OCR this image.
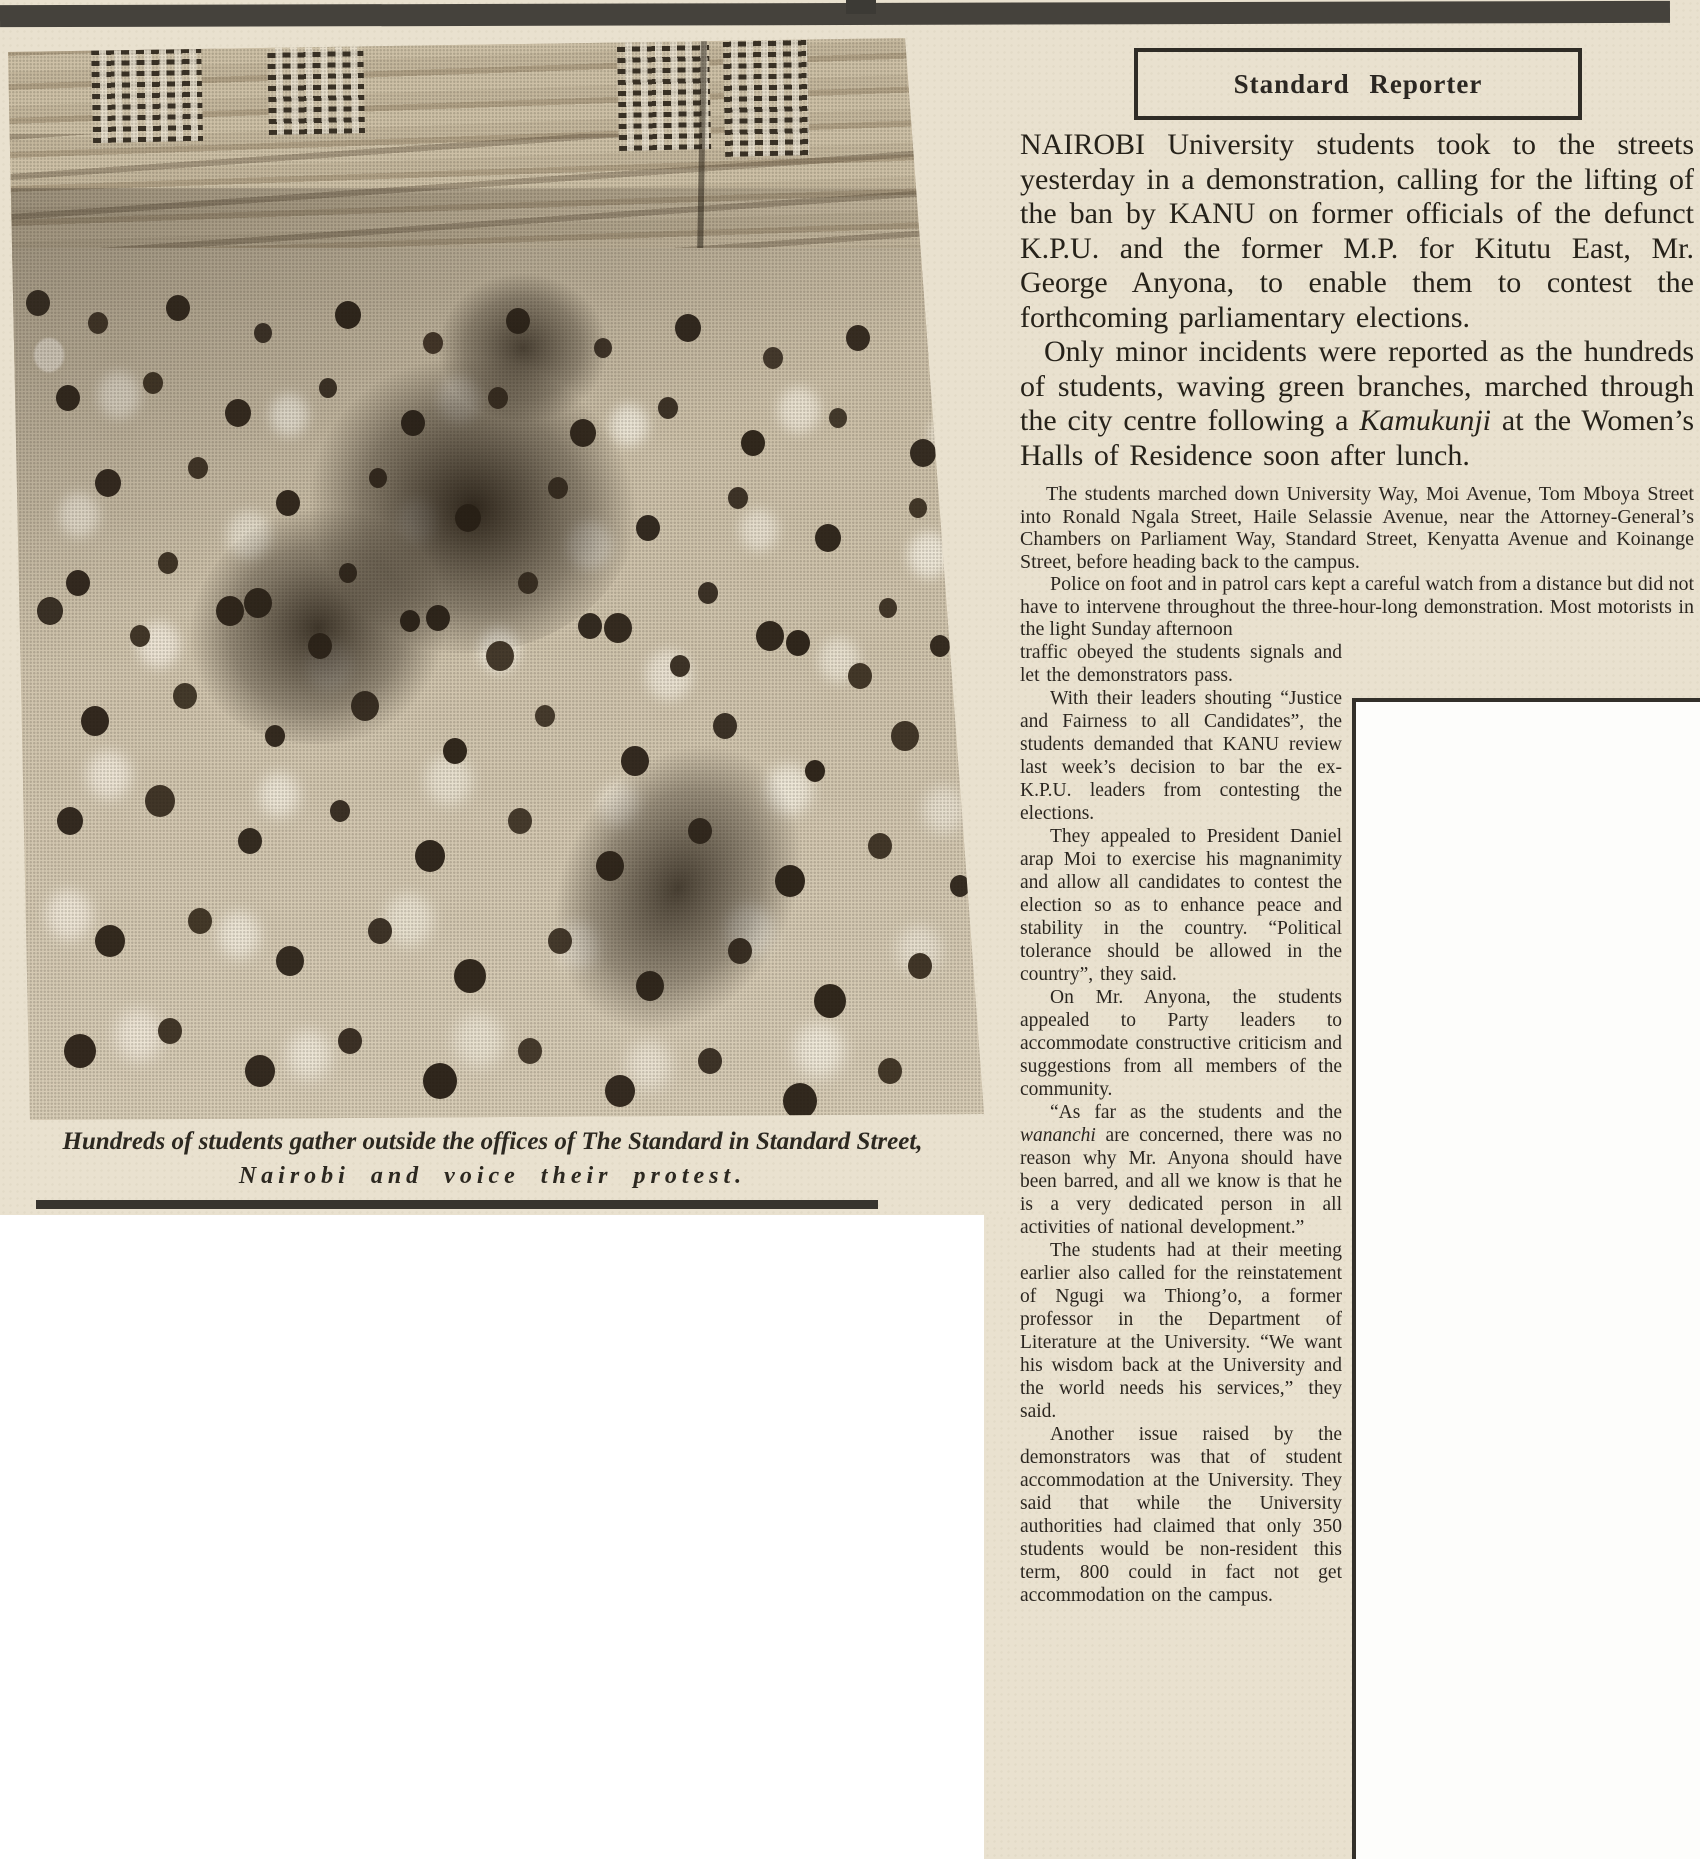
Hundreds of students gather outside the offices of The Standard in Standard Street,
Nairobi and voice their protest.
Standard Reporter

NAIROBI University students took to the streets yesterday in a demonstration, calling for the lifting of the ban by KANU on former officials of the defunct K.P.U. and the former M.P. for Kitutu East, Mr. George Anyona, to enable them to contest the forthcoming parliamentary elections.

Only minor incidents were reported as the hundreds of students, waving green branches, marched through the city centre following a Kamukunji at the Women’s Halls of Residence soon after lunch.

The students marched down University Way, Moi Avenue, Tom Mboya Street into Ronald Ngala Street, Haile Selassie Avenue, near the Attorney-General’s Chambers on Parliament Way, Standard Street, Kenyatta Avenue and Koinange Street, before heading back to the campus.

Police on foot and in patrol cars kept a careful watch from a distance but did not have to intervene throughout the three-hour-long demonstration. Most motorists in the light Sunday afternoon

traffic obeyed the students signals and let the demonstrators pass.

With their leaders shouting “Justice and Fairness to all Candidates”, the students demanded that KANU review last week’s decision to bar the ex-K.P.U. leaders from contesting the elections.

They appealed to President Daniel arap Moi to exercise his magnanimity and allow all candidates to contest the election so as to enhance peace and stability in the country. “Political tolerance should be allowed in the country”, they said.

On Mr. Anyona, the students appealed to Party leaders to accommodate constructive criticism and suggestions from all members of the community.

“As far as the students and the wananchi are concerned, there was no reason why Mr. Anyona should have been barred, and all we know is that he is a very dedicated person in all activities of national development.”

The students had at their meeting earlier also called for the reinstatement of Ngugi wa Thiong’o, a former professor in the Department of Literature at the University. “We want his wisdom back at the University and the world needs his services,” they said.

Another issue raised by the demonstrators was that of student accommodation at the University. They said that while the University authorities had claimed that only 350 students would be non-resident this term, 800 could in fact not get accommodation on the campus.
